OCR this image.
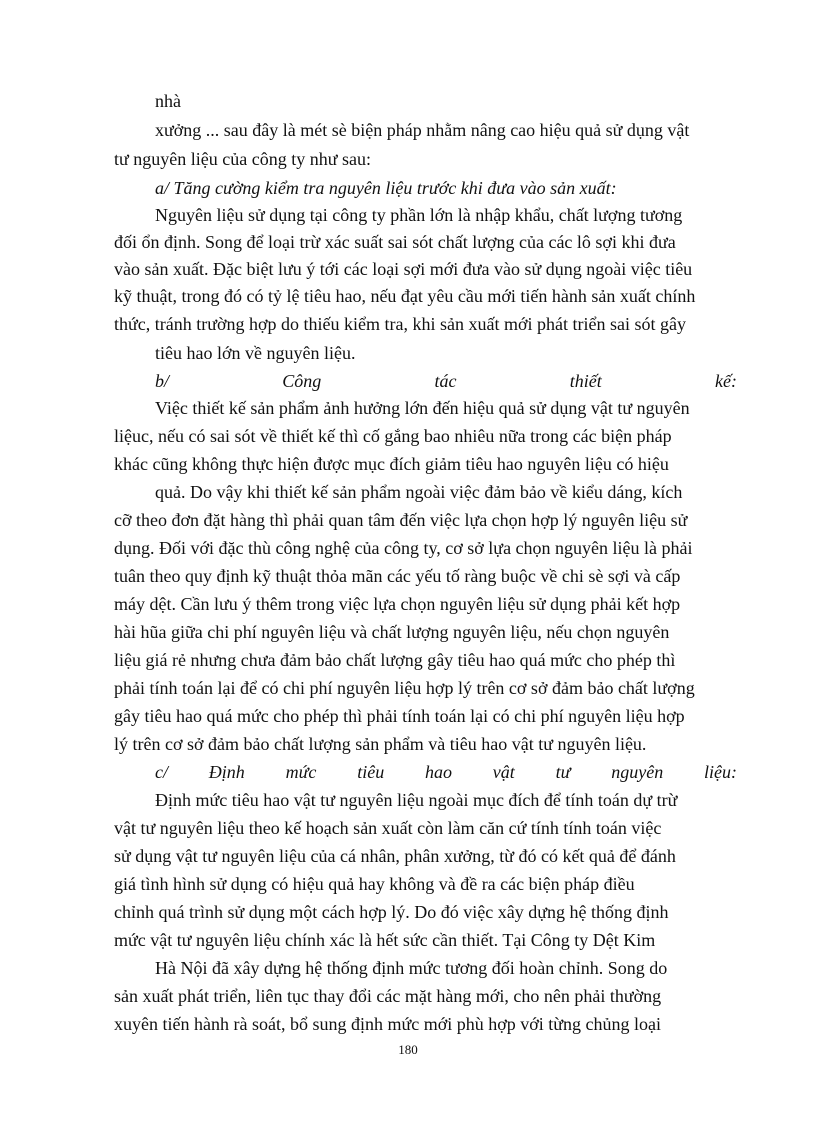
nhà

xưởng ... sau đây là mét sè biện pháp nhằm nâng cao hiệu quả sử dụng vật

tư nguyên liệu của công ty như sau:

a/ Tăng cường kiểm tra nguyên liệu trước khi đưa vào sản xuất:

Nguyên liệu sử dụng tại công ty phần lớn là nhập khẩu, chất lượng tương

đối ổn định. Song để loại trừ xác suất sai sót chất lượng của các lô sợi khi đưa

vào sản xuất. Đặc biệt lưu ý tới các loại sợi mới đưa vào sử dụng ngoài việc tiêu

kỹ thuật, trong đó có tỷ lệ tiêu hao, nếu đạt yêu cầu mới tiến hành sản xuất chính

thức, tránh trường hợp do thiếu kiểm tra, khi sản xuất mới phát triển sai sót gây

tiêu hao lớn về nguyên liệu.

b/	Công	tác	thiết	kế:

Việc thiết kế sản phẩm ảnh hưởng lớn đến hiệu quả sử dụng vật tư nguyên

liệuc, nếu có sai sót về thiết kế thì cố gắng bao nhiêu nữa trong các biện pháp

khác cũng không thực hiện được mục đích giảm tiêu hao nguyên liệu có hiệu

quả. Do vậy khi thiết kế sản phẩm ngoài việc đảm bảo về kiểu dáng, kích

cỡ theo đơn đặt hàng thì phải quan tâm đến việc lựa chọn hợp lý nguyên liệu sử

dụng. Đối với đặc thù công nghệ của công ty, cơ sở lựa chọn nguyên liệu là phải

tuân theo quy định kỹ thuật thỏa mãn các yếu tố ràng buộc về chi sè sợi và cấp

máy dệt. Cần lưu ý thêm trong việc lựa chọn nguyên liệu sử dụng phải kết hợp

hài hũa giữa chi phí nguyên liệu và chất lượng nguyên liệu, nếu chọn nguyên

liệu giá rẻ nhưng chưa đảm bảo chất lượng gây tiêu hao quá mức cho phép thì

phải tính toán lại để có chi phí nguyên liệu hợp lý trên cơ sở đảm bảo chất lượng

gây tiêu hao quá mức cho phép thì phải tính toán lại có chi phí nguyên liệu hợp

lý trên cơ sở đảm bảo chất lượng sản phẩm và tiêu hao vật tư nguyên liệu.

c/ Định mức tiêu hao vật tư nguyên liệu:

Định mức tiêu hao vật tư nguyên liệu ngoài mục đích để tính toán dự trừ

vật tư nguyên liệu theo kế hoạch sản xuất còn làm căn cứ tính tính toán việc

sử dụng vật tư nguyên liệu của cá nhân, phân xưởng, từ đó có kết quả để đánh

giá tình hình sử dụng có hiệu quả hay không và đề ra các biện pháp điều

chỉnh quá trình sử dụng một cách hợp lý. Do đó việc xây dựng hệ thống định

mức vật tư nguyên liệu chính xác là hết sức cần thiết. Tại Công ty Dệt Kim

Hà Nội đã xây dựng hệ thống định mức tương đối hoàn chỉnh. Song do

sản xuất phát triển, liên tục thay đổi các mặt hàng mới, cho nên phải thường

xuyên tiến hành rà soát, bổ sung định mức mới phù hợp với từng chủng loại

180
